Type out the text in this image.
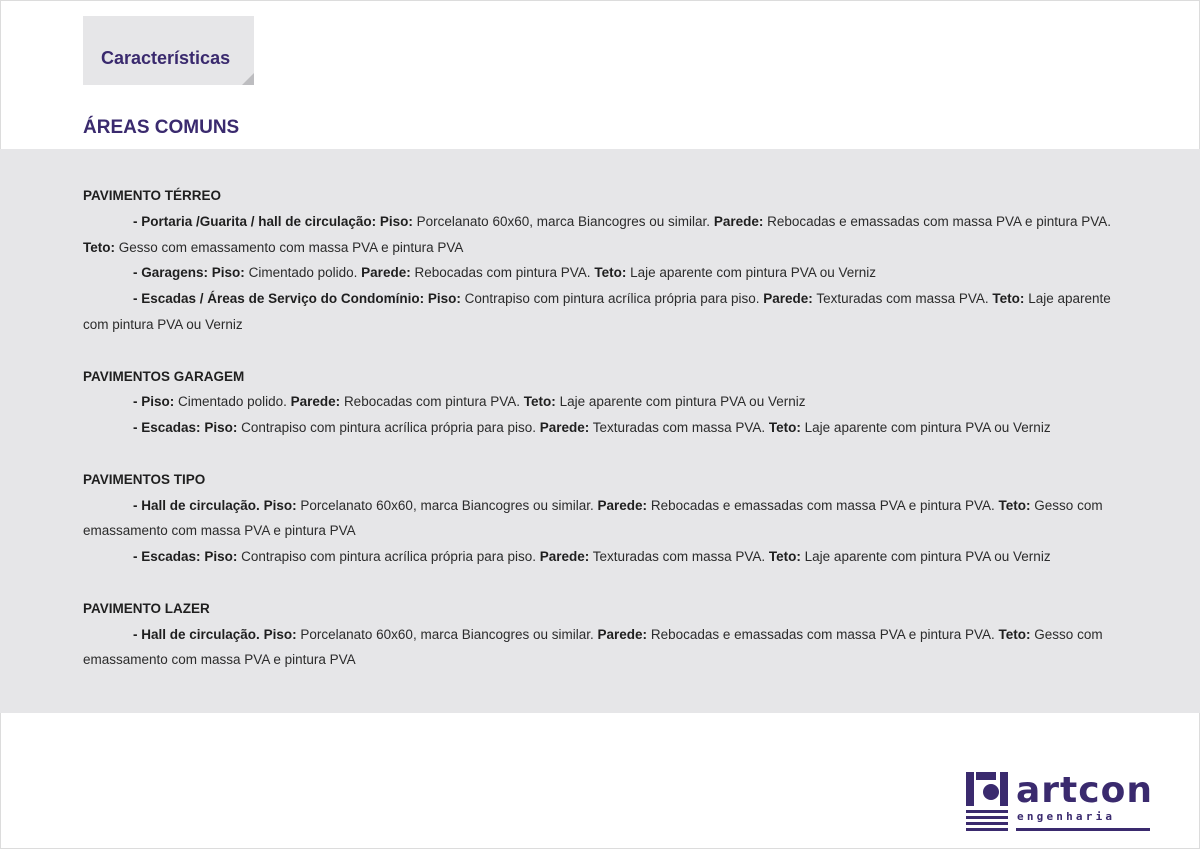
Características
ÁREAS COMUNS
PAVIMENTO TÉRREO
- Portaria /Guarita / hall de circulação: Piso: Porcelanato 60x60, marca Biancogres ou similar. Parede: Rebocadas e emassadas com massa PVA e pintura PVA. Teto: Gesso com emassamento com massa PVA e pintura PVA
- Garagens: Piso: Cimentado polido. Parede: Rebocadas com pintura PVA. Teto: Laje aparente com pintura PVA ou Verniz
- Escadas / Áreas de Serviço do Condomínio: Piso: Contrapiso com pintura acrílica própria para piso. Parede: Texturadas com massa PVA. Teto: Laje aparente com pintura PVA ou Verniz
PAVIMENTOS GARAGEM
- Piso: Cimentado polido. Parede: Rebocadas com pintura PVA. Teto: Laje aparente com pintura PVA ou Verniz
- Escadas: Piso: Contrapiso com pintura acrílica própria para piso. Parede: Texturadas com massa PVA. Teto: Laje aparente com pintura PVA ou Verniz
PAVIMENTOS TIPO
- Hall de circulação. Piso: Porcelanato 60x60, marca Biancogres ou similar. Parede: Rebocadas e emassadas com massa PVA e pintura PVA. Teto: Gesso com emassamento com massa PVA e pintura PVA
- Escadas: Piso: Contrapiso com pintura acrílica própria para piso. Parede: Texturadas com massa PVA. Teto: Laje aparente com pintura PVA ou Verniz
PAVIMENTO LAZER
- Hall de circulação. Piso: Porcelanato 60x60, marca Biancogres ou similar. Parede: Rebocadas e emassadas com massa PVA e pintura PVA. Teto: Gesso com emassamento com massa PVA e pintura PVA
artcon
engenharia
